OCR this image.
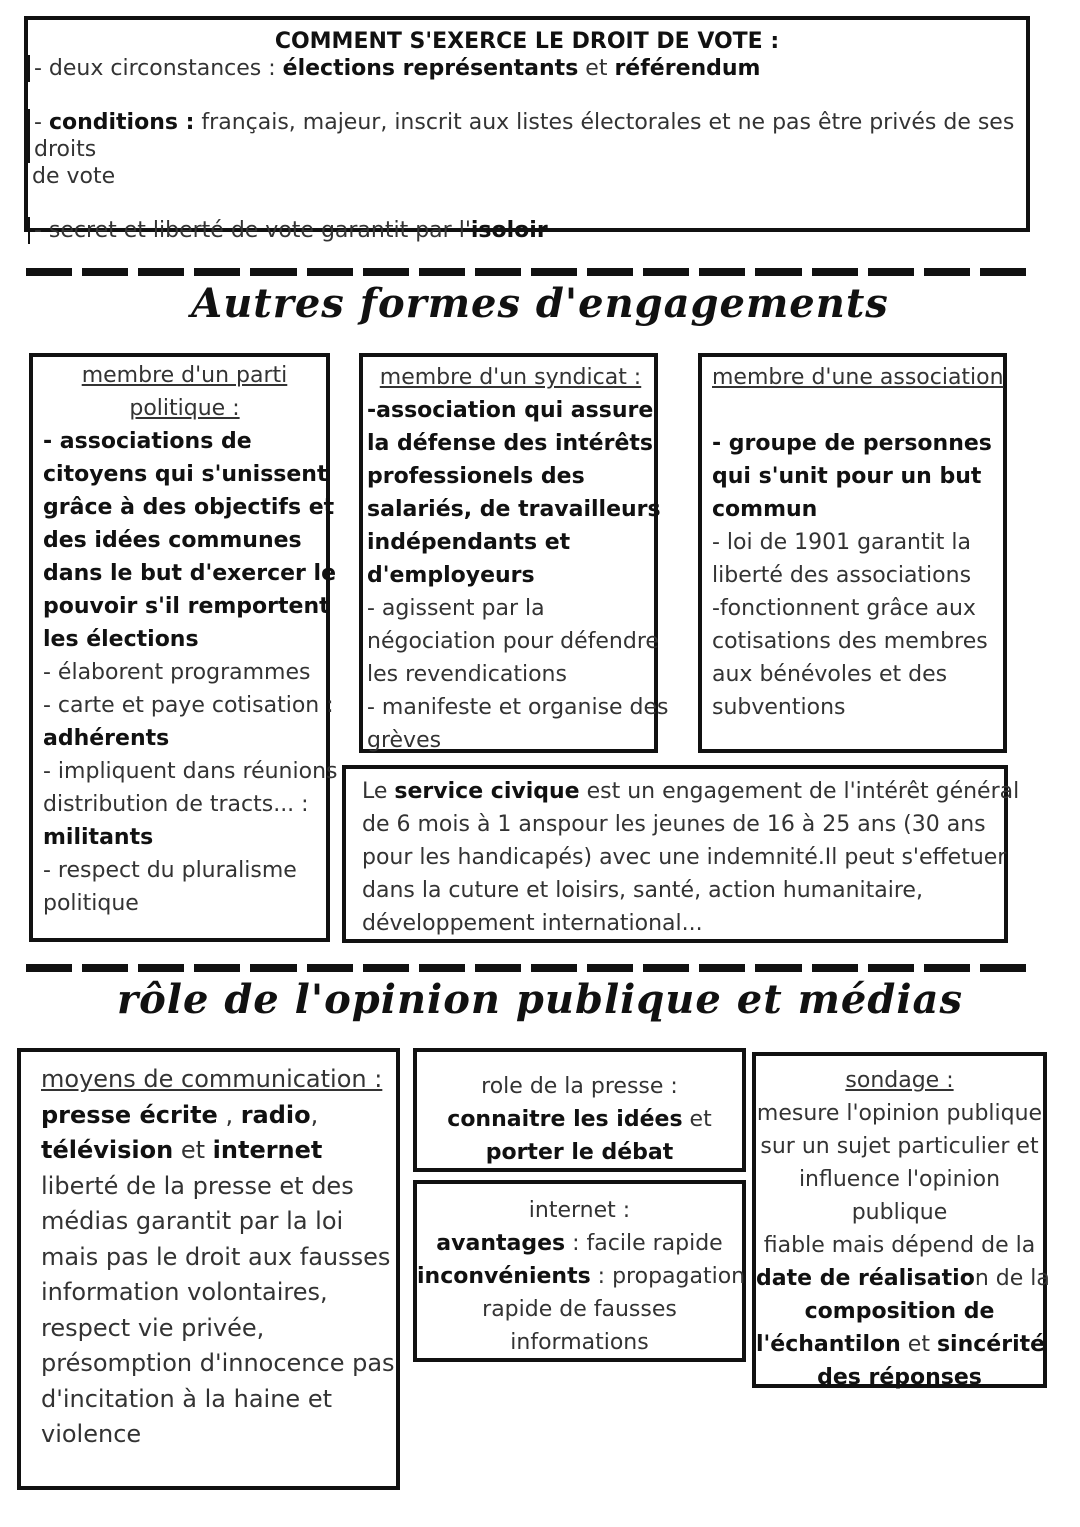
COMMENT S'EXERCE LE DROIT DE VOTE :
- deux circonstances : élections représentants et référendum
- conditions : français, majeur, inscrit aux listes électorales et ne pas être privés de ses droits
de vote
- secret et liberté de vote garantit par l'isoloir
Autres formes d'engagements
membre d'un parti
politique :
- associations de
citoyens qui s'unissent
grâce à des objectifs et
des idées communes
dans le but d'exercer le
pouvoir s'il remportent
les élections
- élaborent programmes
- carte et paye cotisation :
adhérents
- impliquent dans réunions
distribution de tracts... :
militants
- respect du pluralisme
politique
membre d'un syndicat :
-association qui assure
la défense des intérêts
professionels des
salariés, de travailleurs
indépendants et
d'employeurs
- agissent par la
négociation pour défendre
les revendications
- manifeste et organise des
grèves
membre d'une association

- groupe de personnes
qui s'unit pour un but
commun
- loi de 1901 garantit la
liberté des associations
-fonctionnent grâce aux
cotisations des membres
aux bénévoles et des
subventions
Le service civique est un engagement de l'intérêt général
de 6 mois à 1 anspour les jeunes de 16 à 25 ans (30 ans
pour les handicapés) avec une indemnité.Il peut s'effetuer
dans la cuture et loisirs, santé, action humanitaire,
développement international...
rôle de l'opinion publique et médias
moyens de communication :
presse écrite , radio,
télévision et internet
liberté de la presse et des
médias garantit par la loi
mais pas le droit aux fausses
information volontaires,
respect vie privée,
présomption d'innocence pas
d'incitation à la haine et
violence
role de la presse :
connaitre les idées et
porter le débat
internet :
avantages : facile rapide
inconvénients : propagation
rapide de fausses
informations
sondage :
mesure l'opinion publique
sur un sujet particulier et
influence l'opinion
publique
fiable mais dépend de la
date de réalisation de la
composition de
l'échantilon et sincérité
des réponses
